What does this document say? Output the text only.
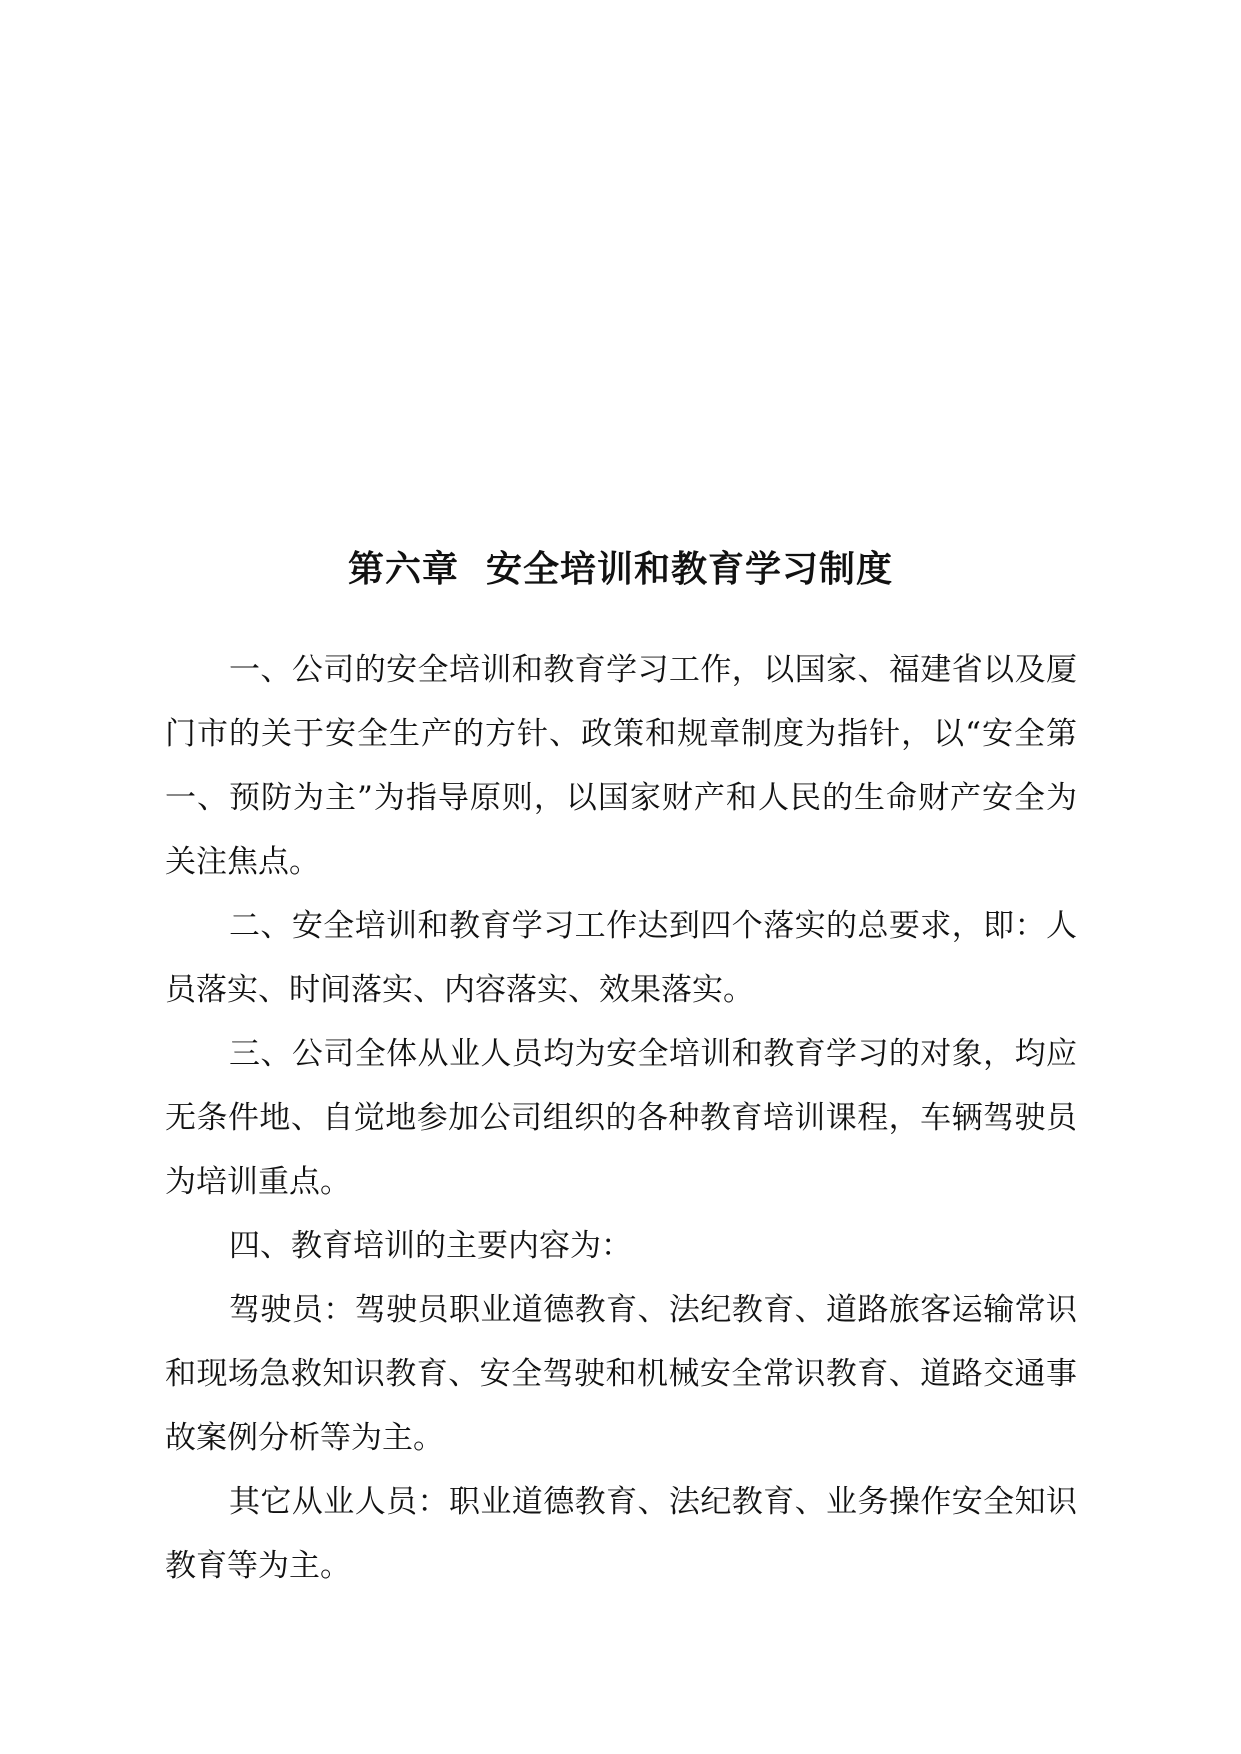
第六章  安全培训和教育学习制度

一、公司的安全培训和教育学习工作，以国家、福建省以及厦门市的关于安全生产的方针、政策和规章制度为指针，以“安全第一、预防为主”为指导原则，以国家财产和人民的生命财产安全为关注焦点。

二、安全培训和教育学习工作达到四个落实的总要求，即：人员落实、时间落实、内容落实、效果落实。

三、公司全体从业人员均为安全培训和教育学习的对象，均应无条件地、自觉地参加公司组织的各种教育培训课程，车辆驾驶员为培训重点。

四、教育培训的主要内容为：

驾驶员：驾驶员职业道德教育、法纪教育、道路旅客运输常识和现场急救知识教育、安全驾驶和机械安全常识教育、道路交通事故案例分析等为主。

其它从业人员：职业道德教育、法纪教育、业务操作安全知识教育等为主。
